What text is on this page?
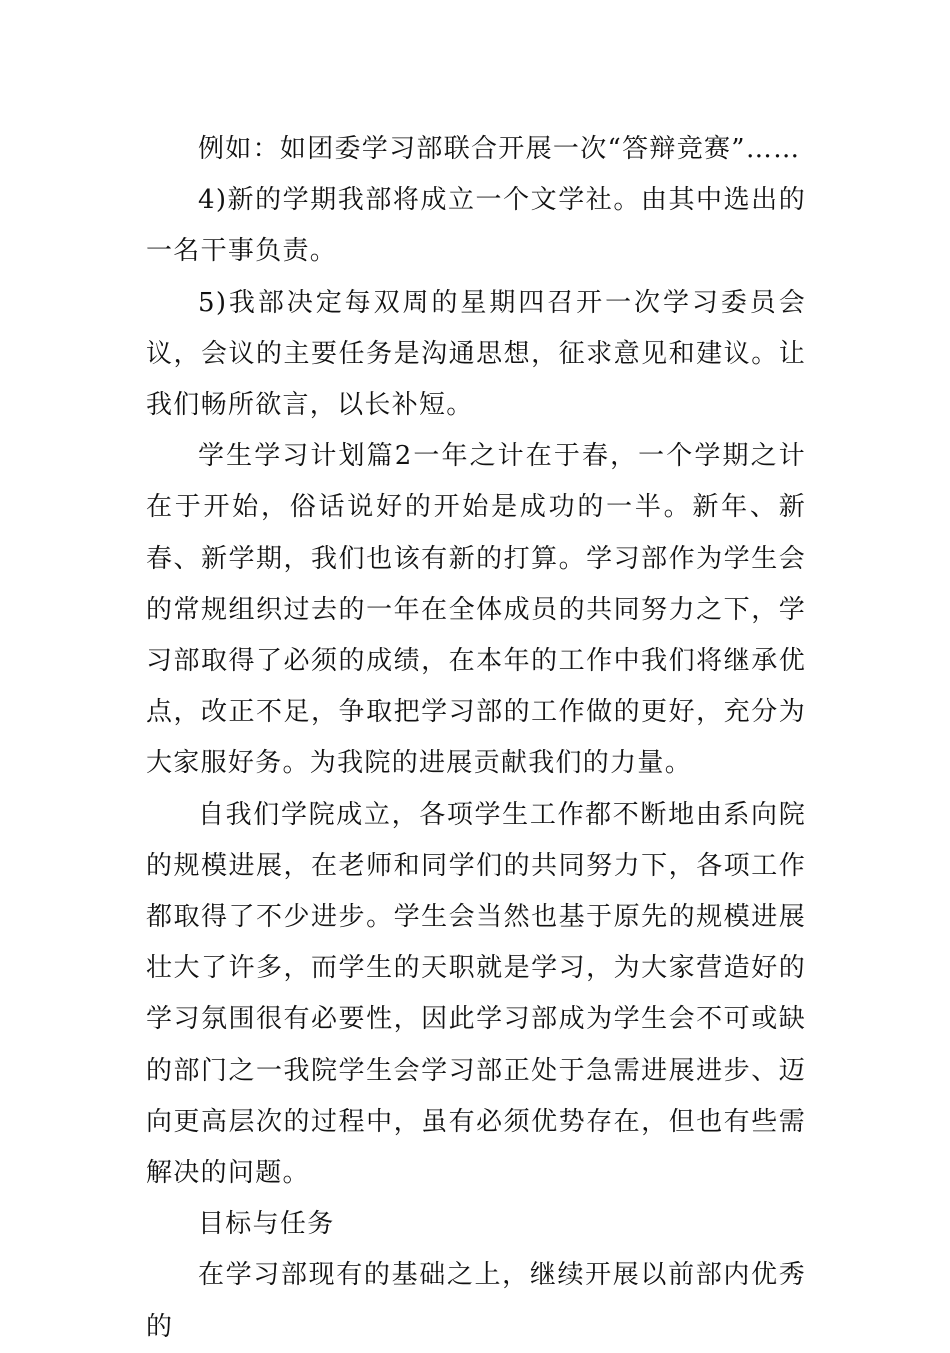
例如：如团委学习部联合开展一次“答辩竞赛”……

4)新的学期我部将成立一个文学社。由其中选出的一名干事负责。

5)我部决定每双周的星期四召开一次学习委员会议，会议的主要任务是沟通思想，征求意见和建议。让我们畅所欲言，以长补短。

学生学习计划篇2一年之计在于春，一个学期之计在于开始，俗话说好的开始是成功的一半。新年、新春、新学期，我们也该有新的打算。学习部作为学生会的常规组织过去的一年在全体成员的共同努力之下，学习部取得了必须的成绩，在本年的工作中我们将继承优点，改正不足，争取把学习部的工作做的更好，充分为大家服好务。为我院的进展贡献我们的力量。

自我们学院成立，各项学生工作都不断地由系向院的规模进展，在老师和同学们的共同努力下，各项工作都取得了不少进步。学生会当然也基于原先的规模进展壮大了许多，而学生的天职就是学习，为大家营造好的学习氛围很有必要性，因此学习部成为学生会不可或缺的部门之一我院学生会学习部正处于急需进展进步、迈向更高层次的过程中，虽有必须优势存在，但也有些需解决的问题。

目标与任务

在学习部现有的基础之上，继续开展以前部内优秀的
